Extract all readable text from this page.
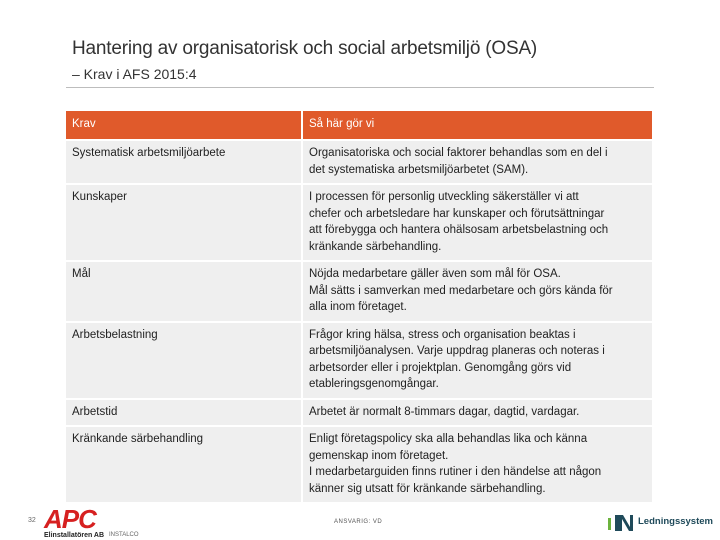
Hantering av organisatorisk och social arbetsmiljö (OSA)
– Krav i AFS 2015:4
Krav	Så här gör vi
Systematisk arbetsmiljöarbete	Organisatoriska och social faktorer behandlas som en del i
det systematiska arbetsmiljöarbetet (SAM).

Kunskaper	I processen för personlig utveckling säkerställer vi att
chefer och arbetsledare har kunskaper och förutsättningar
att förebygga och hantera ohälsosam arbetsbelastning och
kränkande särbehandling.

Mål	Nöjda medarbetare gäller även som mål för OSA.
Mål sätts i samverkan med medarbetare och görs kända för
alla inom företaget.

Arbetsbelastning	Frågor kring hälsa, stress och organisation beaktas i
arbetsmiljöanalysen. Varje uppdrag planeras och noteras i
arbetsorder eller i projektplan. Genomgång görs vid
etableringsgenomgångar.

Arbetstid	Arbetet är normalt 8-timmars dagar, dagtid, vardagar.

Kränkande särbehandling	Enligt företagspolicy ska alla behandlas lika och känna
gemenskap inom företaget.
I medarbetarguiden finns rutiner i den händelse att någon
känner sig utsatt för kränkande särbehandling.
32 APC
Elinstallatören AB INSTALCO
ANSVARIG: VD	Ledningssystem
